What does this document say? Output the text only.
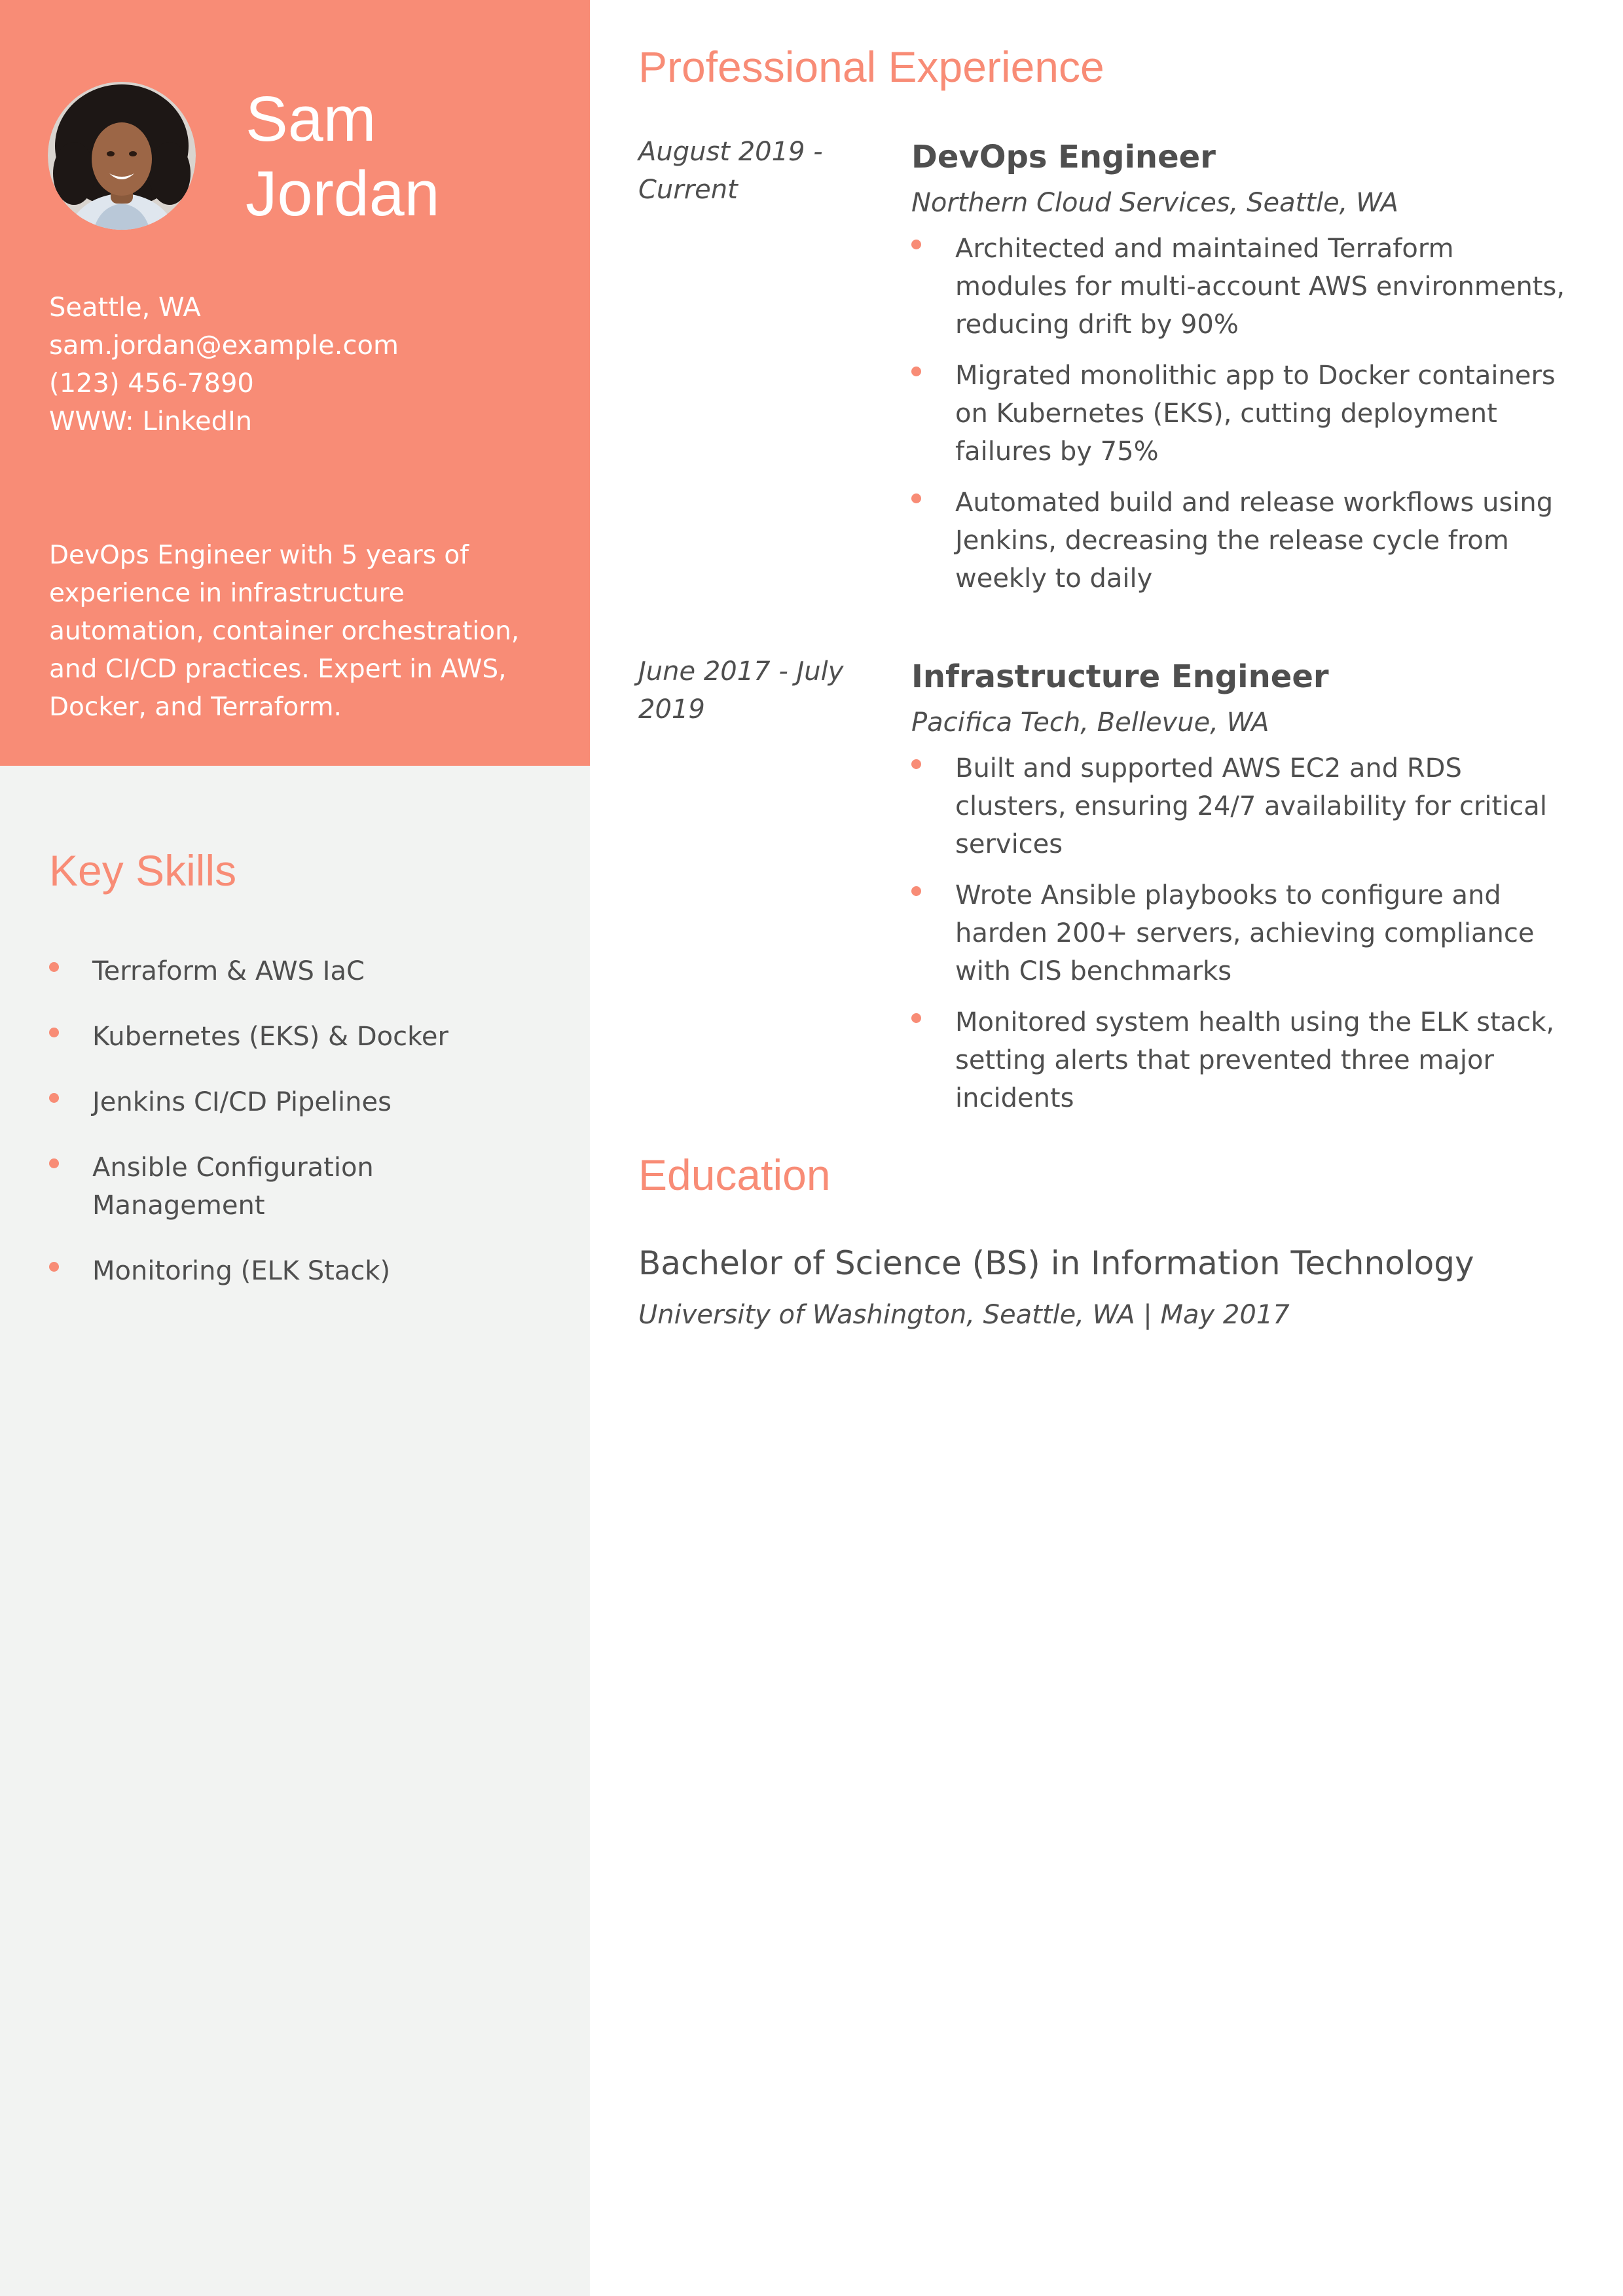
Sam
Jordan
Seattle, WA
sam.jordan@example.com
(123) 456-7890
WWW: LinkedIn

DevOps Engineer with 5 years of experience in infrastructure automation, container orchestration, and CI/CD practices. Expert in AWS, Docker, and Terraform.

Key Skills
Terraform & AWS IaC
Kubernetes (EKS) & Docker
Jenkins CI/CD Pipelines
Ansible Configuration Management
Monitoring (ELK Stack)
Professional Experience
August 2019 - Current
DevOps Engineer
Northern Cloud Services, Seattle, WA
Architected and maintained Terraform modules for multi-account AWS environments, reducing drift by 90%
Migrated monolithic app to Docker containers on Kubernetes (EKS), cutting deployment failures by 75%
Automated build and release workflows using Jenkins, decreasing the release cycle from weekly to daily
June 2017 - July 2019
Infrastructure Engineer
Pacifica Tech, Bellevue, WA
Built and supported AWS EC2 and RDS clusters, ensuring 24/7 availability for critical services
Wrote Ansible playbooks to configure and harden 200+ servers, achieving compliance with CIS benchmarks
Monitored system health using the ELK stack, setting alerts that prevented three major incidents
Education
Bachelor of Science (BS) in Information Technology
University of Washington, Seattle, WA | May 2017
